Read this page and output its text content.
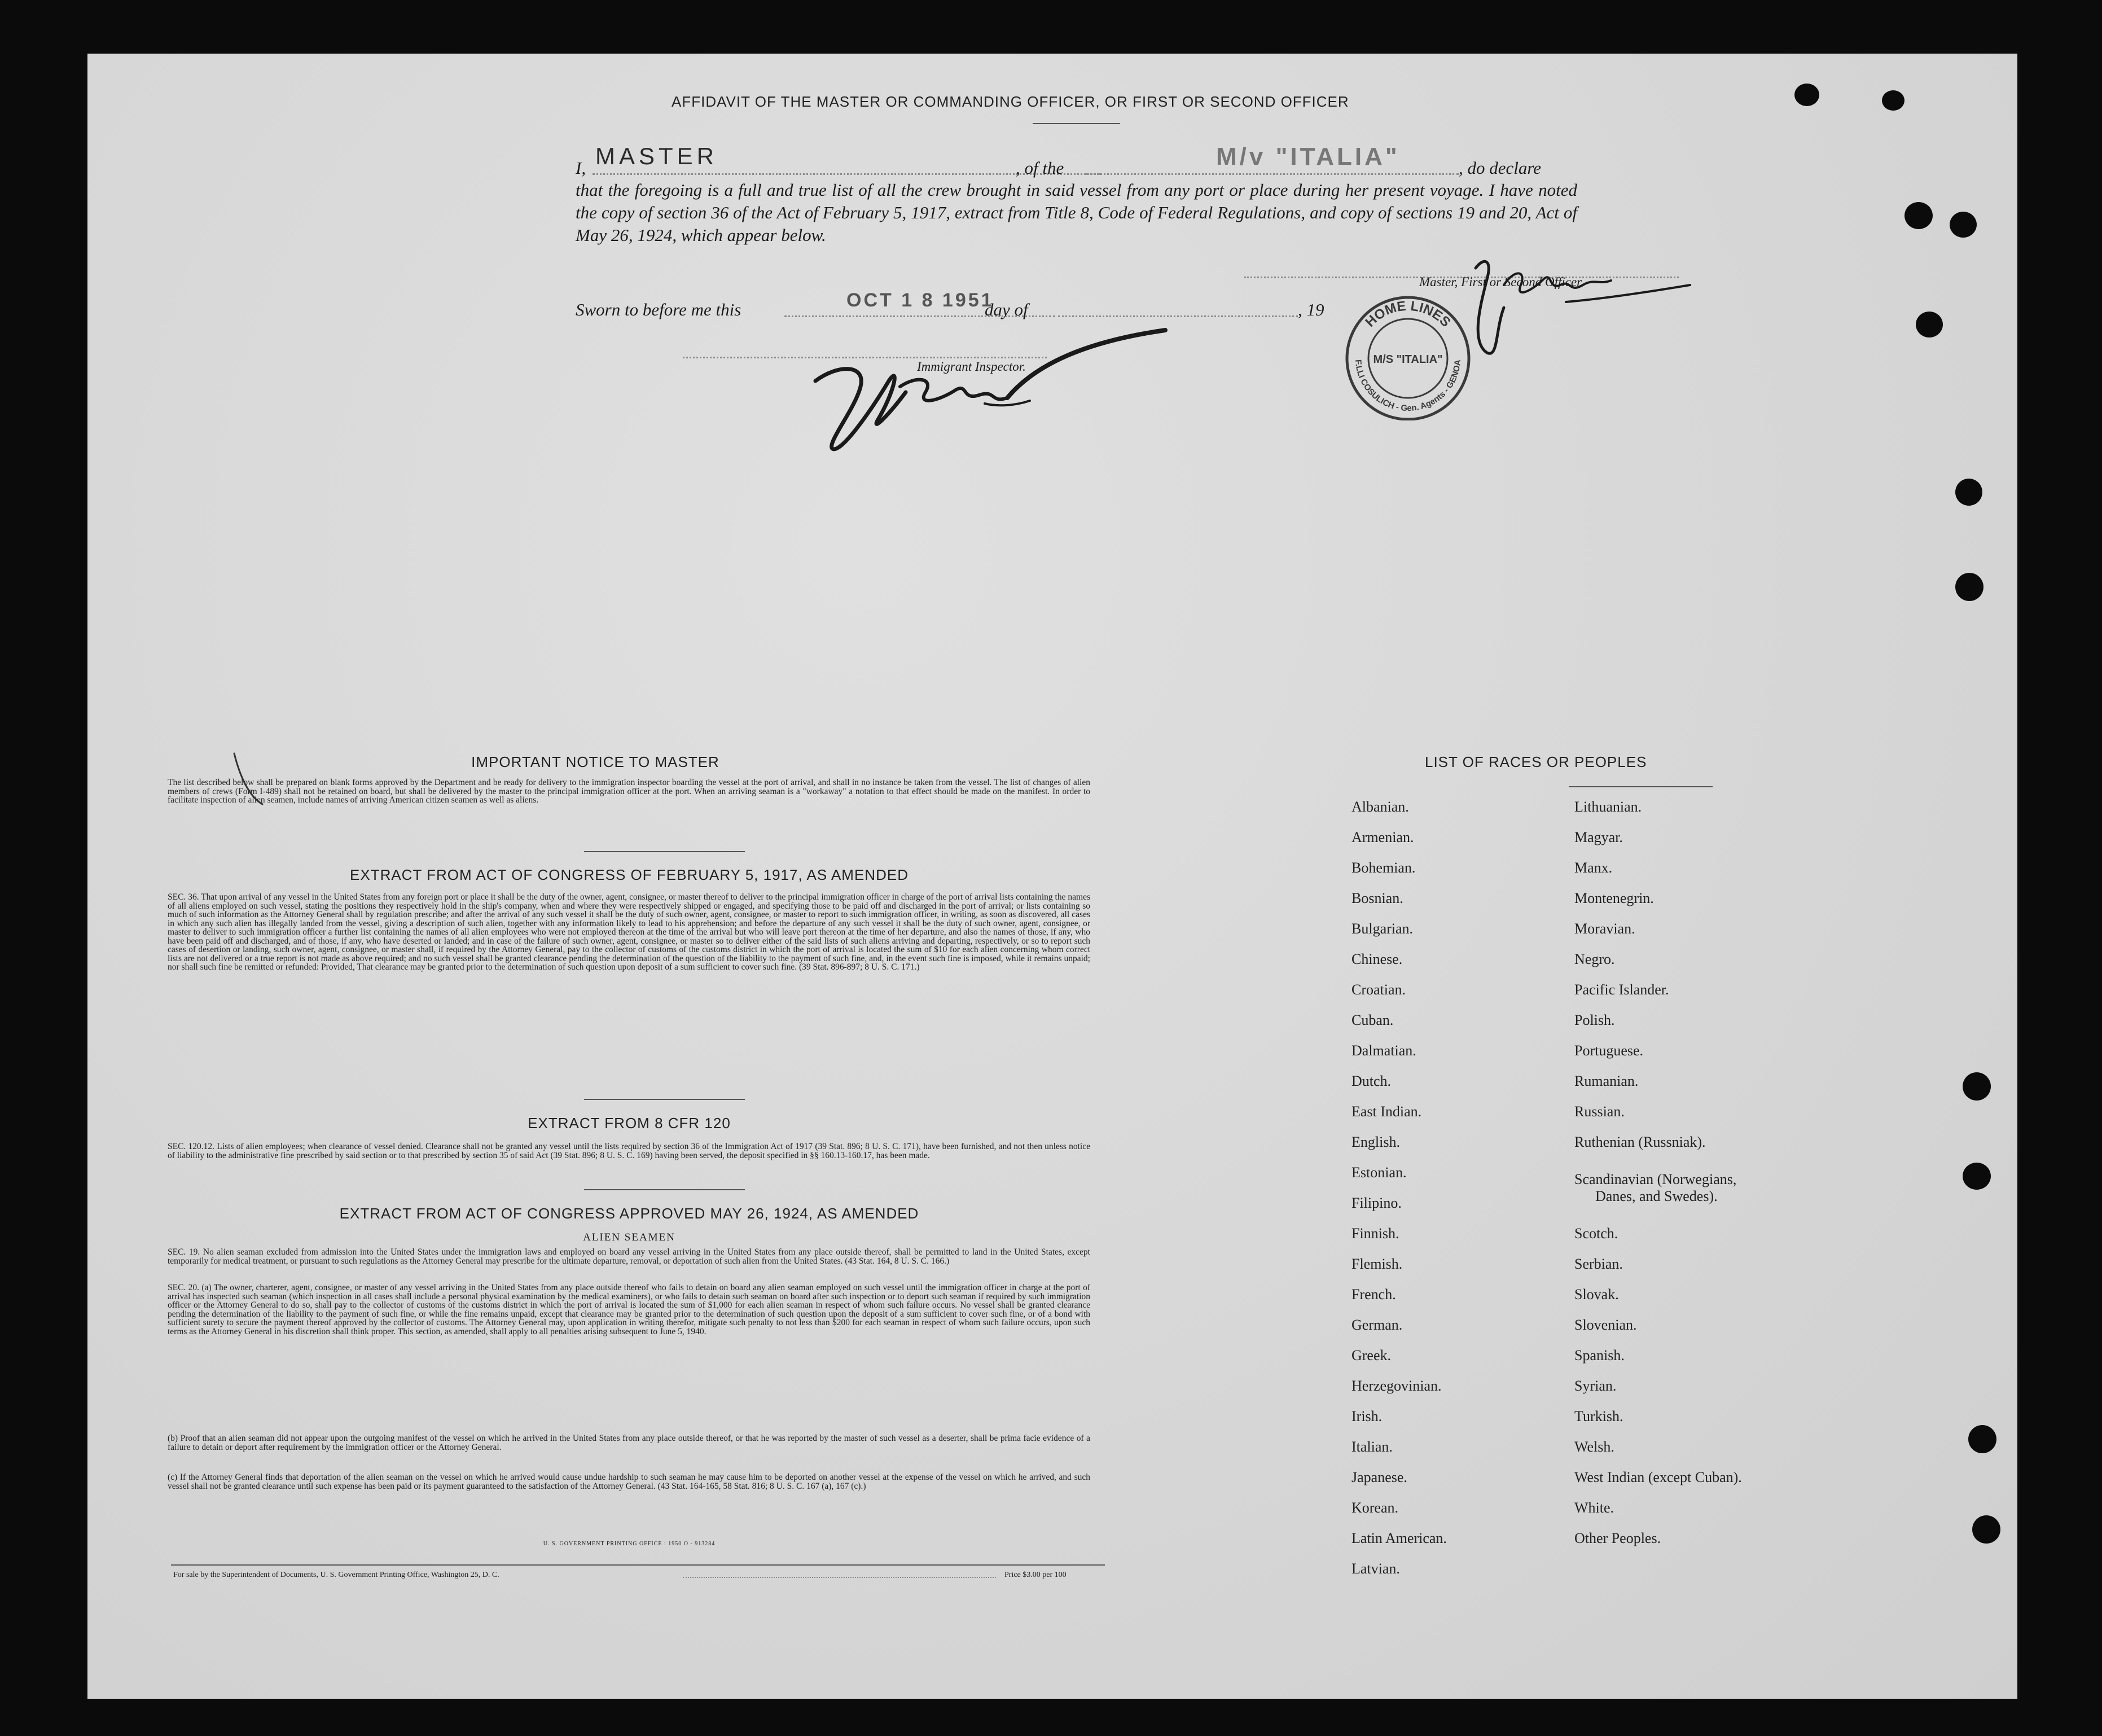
AFFIDAVIT OF THE MASTER OR COMMANDING OFFICER, OR FIRST OR SECOND OFFICER
I, MASTER	, of the	M/v "ITALIA"	, do declare
that the foregoing is a full and true list of all the crew brought in said vessel from any port or place during her present voyage. I have noted the copy of section 36 of the Act of February 5, 1917, extract from Title 8, Code of Federal Regulations, and copy of sections 19 and 20, Act of May 26, 1924, which appear below.
Master, First or Second Officer.
Sworn to before me this	OCT 1 8 1951
day of	, 19
Immigrant Inspector.
HOME LINES
F.LLI COSULICH - Gen. Agents - GENOA
M/S "ITALIA"
IMPORTANT NOTICE TO MASTER
The list described below shall be prepared on blank forms approved by the Department and be ready for delivery to the immigration inspector boarding the vessel at the port of arrival, and shall in no instance be taken from the vessel. The list of changes of alien members of crews (Form I-489) shall not be retained on board, but shall be delivered by the master to the principal immigration officer at the port. When an arriving seaman is a "workaway" a notation to that effect should be made on the manifest. In order to facilitate inspection of alien seamen, include names of arriving American citizen seamen as well as aliens.
EXTRACT FROM ACT OF CONGRESS OF FEBRUARY 5, 1917, AS AMENDED
SEC. 36. That upon arrival of any vessel in the United States from any foreign port or place it shall be the duty of the owner, agent, consignee, or master thereof to deliver to the principal immigration officer in charge of the port of arrival lists containing the names of all aliens employed on such vessel, stating the positions they respectively hold in the ship's company, when and where they were respectively shipped or engaged, and specifying those to be paid off and discharged in the port of arrival; or lists containing so much of such information as the Attorney General shall by regulation prescribe; and after the arrival of any such vessel it shall be the duty of such owner, agent, consignee, or master to report to such immigration officer, in writing, as soon as discovered, all cases in which any such alien has illegally landed from the vessel, giving a description of such alien, together with any information likely to lead to his apprehension; and before the departure of any such vessel it shall be the duty of such owner, agent, consignee, or master to deliver to such immigration officer a further list containing the names of all alien employees who were not employed thereon at the time of the arrival but who will leave port thereon at the time of her departure, and also the names of those, if any, who have been paid off and discharged, and of those, if any, who have deserted or landed; and in case of the failure of such owner, agent, consignee, or master so to deliver either of the said lists of such aliens arriving and departing, respectively, or so to report such cases of desertion or landing, such owner, agent, consignee, or master shall, if required by the Attorney General, pay to the collector of customs of the customs district in which the port of arrival is located the sum of $10 for each alien concerning whom correct lists are not delivered or a true report is not made as above required; and no such vessel shall be granted clearance pending the determination of the question of the liability to the payment of such fine, and, in the event such fine is imposed, while it remains unpaid; nor shall such fine be remitted or refunded: Provided, That clearance may be granted prior to the determination of such question upon deposit of a sum sufficient to cover such fine. (39 Stat. 896-897; 8 U. S. C. 171.)
EXTRACT FROM 8 CFR 120
SEC. 120.12. Lists of alien employees; when clearance of vessel denied. Clearance shall not be granted any vessel until the lists required by section 36 of the Immigration Act of 1917 (39 Stat. 896; 8 U. S. C. 171), have been furnished, and not then unless notice of liability to the administrative fine prescribed by said section or to that prescribed by section 35 of said Act (39 Stat. 896; 8 U. S. C. 169) having been served, the deposit specified in §§ 160.13-160.17, has been made.
EXTRACT FROM ACT OF CONGRESS APPROVED MAY 26, 1924, AS AMENDED
ALIEN SEAMEN
SEC. 19. No alien seaman excluded from admission into the United States under the immigration laws and employed on board any vessel arriving in the United States from any place outside thereof, shall be permitted to land in the United States, except temporarily for medical treatment, or pursuant to such regulations as the Attorney General may prescribe for the ultimate departure, removal, or deportation of such alien from the United States. (43 Stat. 164, 8 U. S. C. 166.)
SEC. 20. (a) The owner, charterer, agent, consignee, or master of any vessel arriving in the United States from any place outside thereof who fails to detain on board any alien seaman employed on such vessel until the immigration officer in charge at the port of arrival has inspected such seaman (which inspection in all cases shall include a personal physical examination by the medical examiners), or who fails to detain such seaman on board after such inspection or to deport such seaman if required by such immigration officer or the Attorney General to do so, shall pay to the collector of customs of the customs district in which the port of arrival is located the sum of $1,000 for each alien seaman in respect of whom such failure occurs. No vessel shall be granted clearance pending the determination of the liability to the payment of such fine, or while the fine remains unpaid, except that clearance may be granted prior to the determination of such question upon the deposit of a sum sufficient to cover such fine, or of a bond with sufficient surety to secure the payment thereof approved by the collector of customs. The Attorney General may, upon application in writing therefor, mitigate such penalty to not less than $200 for each seaman in respect of whom such failure occurs, upon such terms as the Attorney General in his discretion shall think proper. This section, as amended, shall apply to all penalties arising subsequent to June 5, 1940.
(b) Proof that an alien seaman did not appear upon the outgoing manifest of the vessel on which he arrived in the United States from any place outside thereof, or that he was reported by the master of such vessel as a deserter, shall be prima facie evidence of a failure to detain or deport after requirement by the immigration officer or the Attorney General.
(c) If the Attorney General finds that deportation of the alien seaman on the vessel on which he arrived would cause undue hardship to such seaman he may cause him to be deported on another vessel at the expense of the vessel on which he arrived, and such vessel shall not be granted clearance until such expense has been paid or its payment guaranteed to the satisfaction of the Attorney General. (43 Stat. 164-165, 58 Stat. 816; 8 U. S. C. 167 (a), 167 (c).)
U. S. GOVERNMENT PRINTING OFFICE : 1950 O - 913284
For sale by the Superintendent of Documents, U. S. Government Printing Office, Washington 25, D. C.	Price $3.00 per 100
LIST OF RACES OR PEOPLES
Albanian.
Armenian.
Bohemian.
Bosnian.
Bulgarian.
Chinese.
Croatian.
Cuban.
Dalmatian.
Dutch.
East Indian.
English.
Estonian.
Filipino.
Finnish.
Flemish.
French.
German.
Greek.
Herzegovinian.
Irish.
Italian.
Japanese.
Korean.
Latin American.
Latvian.
Lithuanian.
Magyar.
Manx.
Montenegrin.
Moravian.
Negro.
Pacific Islander.
Polish.
Portuguese.
Rumanian.
Russian.
Ruthenian (Russniak).
Scandinavian (Norwegians,
Danes, and Swedes).
Scotch.
Serbian.
Slovak.
Slovenian.
Spanish.
Syrian.
Turkish.
Welsh.
West Indian (except Cuban).
White.
Other Peoples.
